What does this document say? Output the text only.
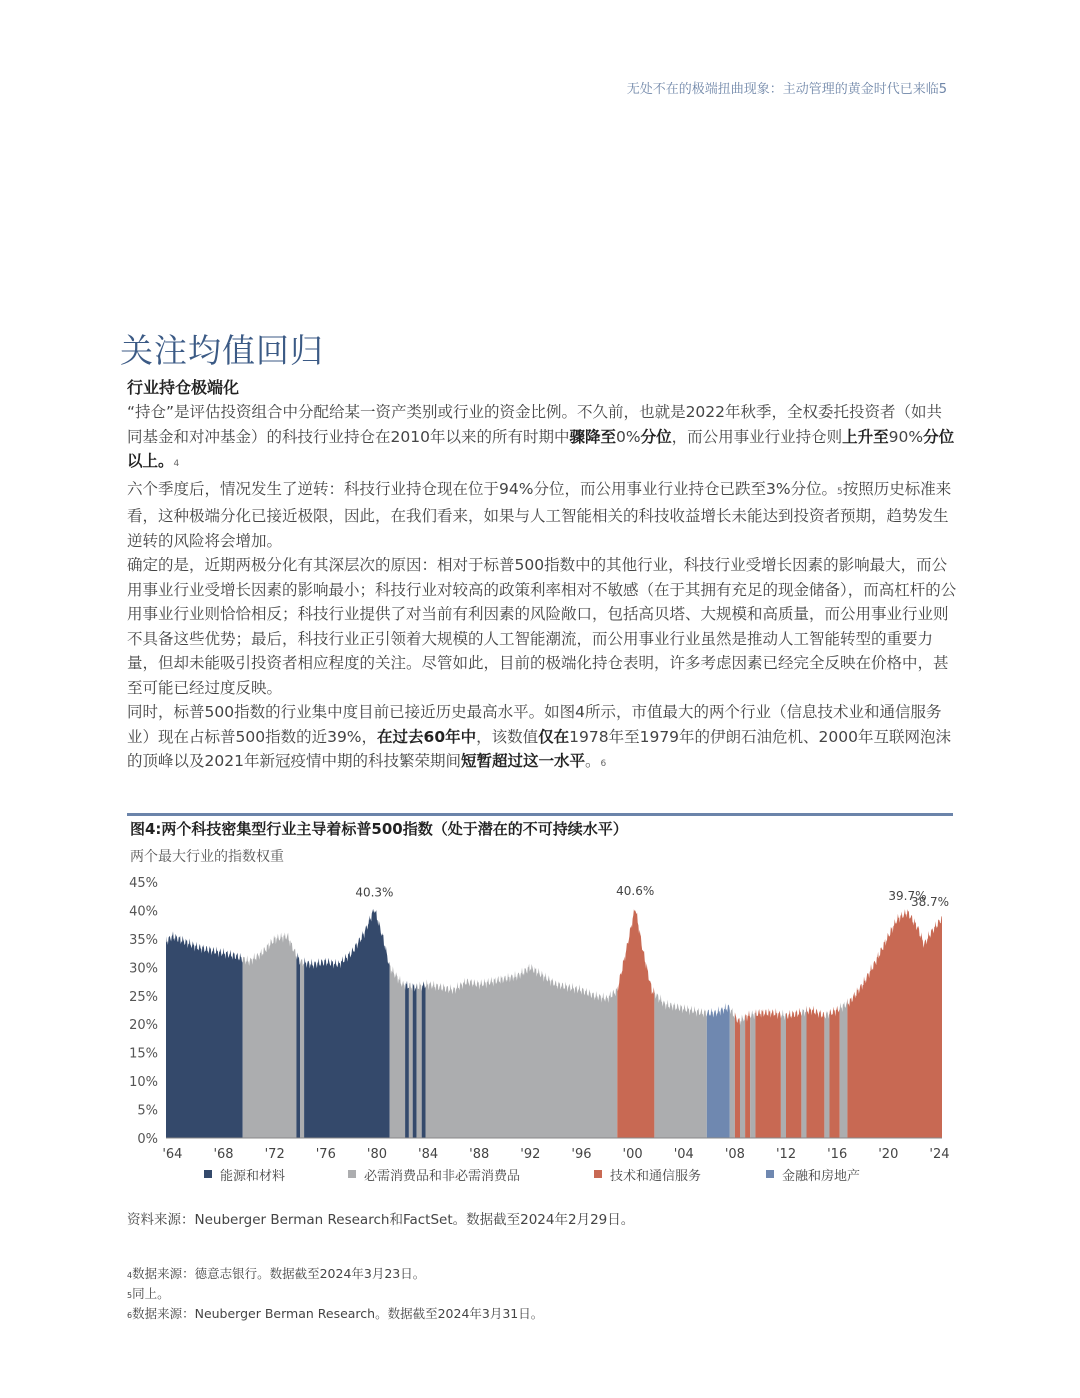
无处不在的极端扭曲现象：主动管理的黄金时代已来临5
关注均值回归
行业持仓极端化

“持仓”是评估投资组合中分配给某一资产类别或行业的资金比例。不久前，也就是2022年秋季，全权委托投资者（如共同基金和对冲基金）的科技行业持仓在2010年以来的所有时期中骤降至0%分位，而公用事业行业持仓则上升至90%分位以上。4

六个季度后，情况发生了逆转：科技行业持仓现在位于94%分位，而公用事业行业持仓已跌至3%分位。5按照历史标准来看，这种极端分化已接近极限，因此，在我们看来，如果与人工智能相关的科技收益增长未能达到投资者预期，趋势发生逆转的风险将会增加。

确定的是，近期两极分化有其深层次的原因：相对于标普500指数中的其他行业，科技行业受增长因素的影响最大，而公用事业行业受增长因素的影响最小；科技行业对较高的政策利率相对不敏感（在于其拥有充足的现金储备），而高杠杆的公用事业行业则恰恰相反；科技行业提供了对当前有利因素的风险敞口，包括高贝塔、大规模和高质量，而公用事业行业则不具备这些优势；最后，科技行业正引领着大规模的人工智能潮流，而公用事业行业虽然是推动人工智能转型的重要力量，但却未能吸引投资者相应程度的关注。尽管如此，目前的极端化持仓表明，许多考虑因素已经完全反映在价格中，甚至可能已经过度反映。

同时，标普500指数的行业集中度目前已接近历史最高水平。如图4所示，市值最大的两个行业（信息技术业和通信服务业）现在占标普500指数的近39%，在过去60年中，该数值仅在1978年至1979年的伊朗石油危机、2000年互联网泡沫的顶峰以及2021年新冠疫情中期的科技繁荣期间短暂超过这一水平。6

图4:两个科技密集型行业主导着标普500指数（处于潜在的不可持续水平）
两个最大行业的指数权重
0%
5%
10%
15%
20%
25%
30%
35%
40%
45%
'64 '68 '72 '76 '80 '84 '88 '92 '96 '00 '04 '08 '12 '16 '20 '24
40.3%	40.6%	39.7%
38.7%
能源和材料	必需消费品和非必需消费品	技术和通信服务	金融和房地产
资料来源：Neuberger Berman Research和FactSet。数据截至2024年2月29日。
4数据来源：德意志银行。数据截至2024年3月23日。
5同上。
6数据来源：Neuberger Berman Research。数据截至2024年3月31日。
